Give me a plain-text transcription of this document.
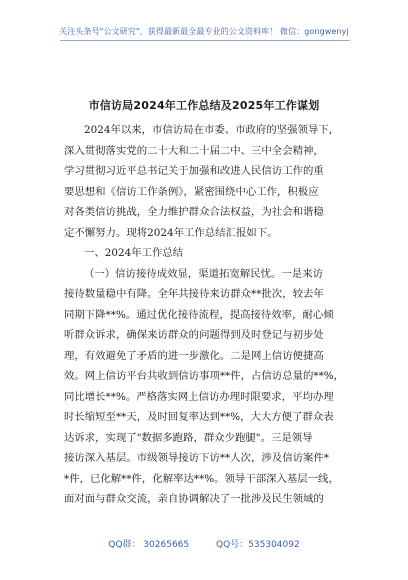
关注头条号"公文研究"，获得最新最全最专业的公文资料库！ 微信：gongwenyj
市信访局2024年工作总结及2025年工作谋划
2024年以来，市信访局在市委、市政府的坚强领导下，
深入贯彻落实党的二十大和二十届二中、三中全会精神，
学习贯彻习近平总书记关于加强和改进人民信访工作的重
要思想和《信访工作条例》，紧密围绕中心工作，积极应
对各类信访挑战，全力维护群众合法权益，为社会和谐稳
定不懈努力。现将2024年工作总结汇报如下。
一、2024年工作总结
（一）信访接待成效显，渠道拓宽解民忧。一是来访
接待数量稳中有降。全年共接待来访群众**批次，较去年
同期下降**%。通过优化接待流程，提高接待效率，耐心倾
听群众诉求，确保来访群众的问题得到及时登记与初步处
理，有效避免了矛盾的进一步激化。二是网上信访便捷高
效。网上信访平台共收到信访事项**件，占信访总量的**%，
同比增长**%。严格落实网上信访办理时限要求，平均办理
时长缩短至**天，及时回复率达到**%，大大方便了群众表
达诉求，实现了"数据多跑路，群众少跑腿"。三是领导
接访深入基层。市级领导接访下访**人次，涉及信访案件*
*件，已化解**件，化解率达**%。领导干部深入基层一线，
面对面与群众交流，亲自协调解决了一批涉及民生领域的
QQ群： 30265665	QQ号：535304092
